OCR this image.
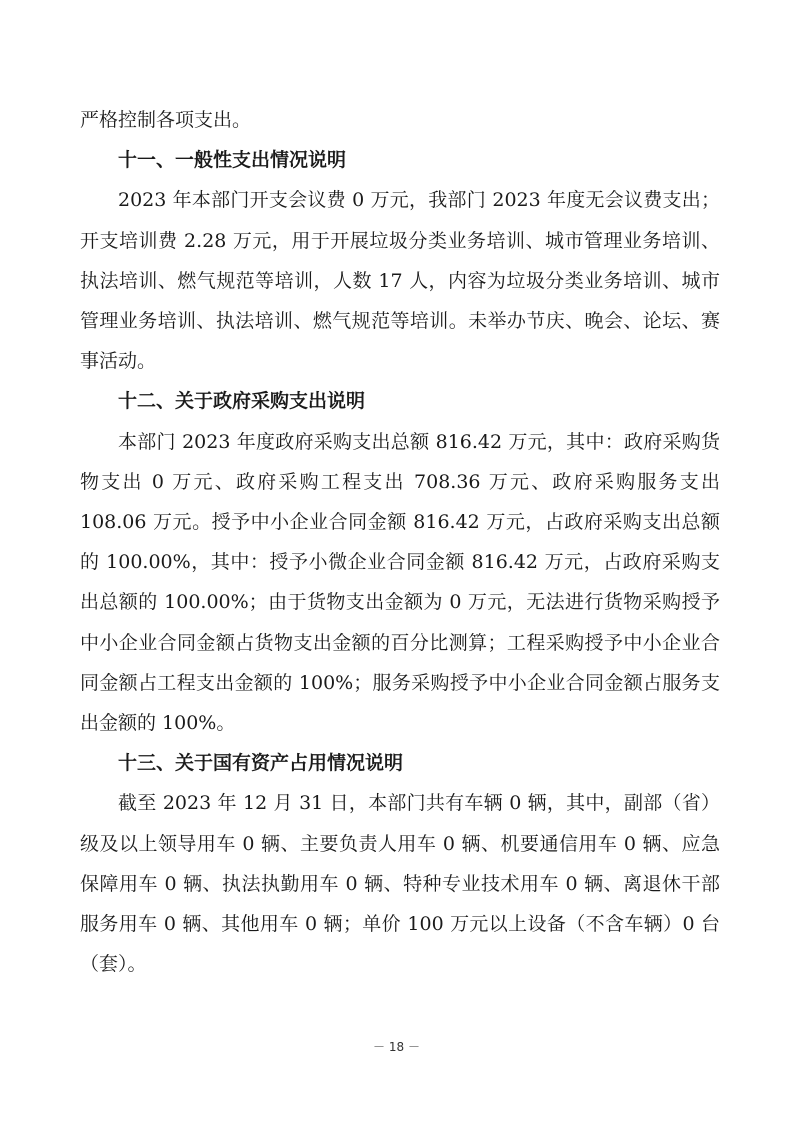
严格控制各项支出。

十一、一般性支出情况说明

2023 年本部门开支会议费 0 万元，我部门 2023 年度无会议费支出；开支培训费 2.28 万元，用于开展垃圾分类业务培训、城市管理业务培训、执法培训、燃气规范等培训，人数 17 人，内容为垃圾分类业务培训、城市管理业务培训、执法培训、燃气规范等培训。未举办节庆、晚会、论坛、赛事活动。

十二、关于政府采购支出说明

本部门 2023 年度政府采购支出总额 816.42 万元，其中：政府采购货物支出 0 万元、政府采购工程支出 708.36 万元、政府采购服务支出 108.06 万元。授予中小企业合同金额 816.42 万元，占政府采购支出总额的 100.00%，其中：授予小微企业合同金额 816.42 万元，占政府采购支出总额的 100.00%；由于货物支出金额为 0 万元，无法进行货物采购授予中小企业合同金额占货物支出金额的百分比测算；工程采购授予中小企业合同金额占工程支出金额的 100%；服务采购授予中小企业合同金额占服务支出金额的 100%。

十三、关于国有资产占用情况说明

截至 2023 年 12 月 31 日，本部门共有车辆 0 辆，其中，副部（省）级及以上领导用车 0 辆、主要负责人用车 0 辆、机要通信用车 0 辆、应急保障用车 0 辆、执法执勤用车 0 辆、特种专业技术用车 0 辆、离退休干部服务用车 0 辆、其他用车 0 辆；单价 100 万元以上设备（不含车辆）0 台（套）。

－ 18 －
